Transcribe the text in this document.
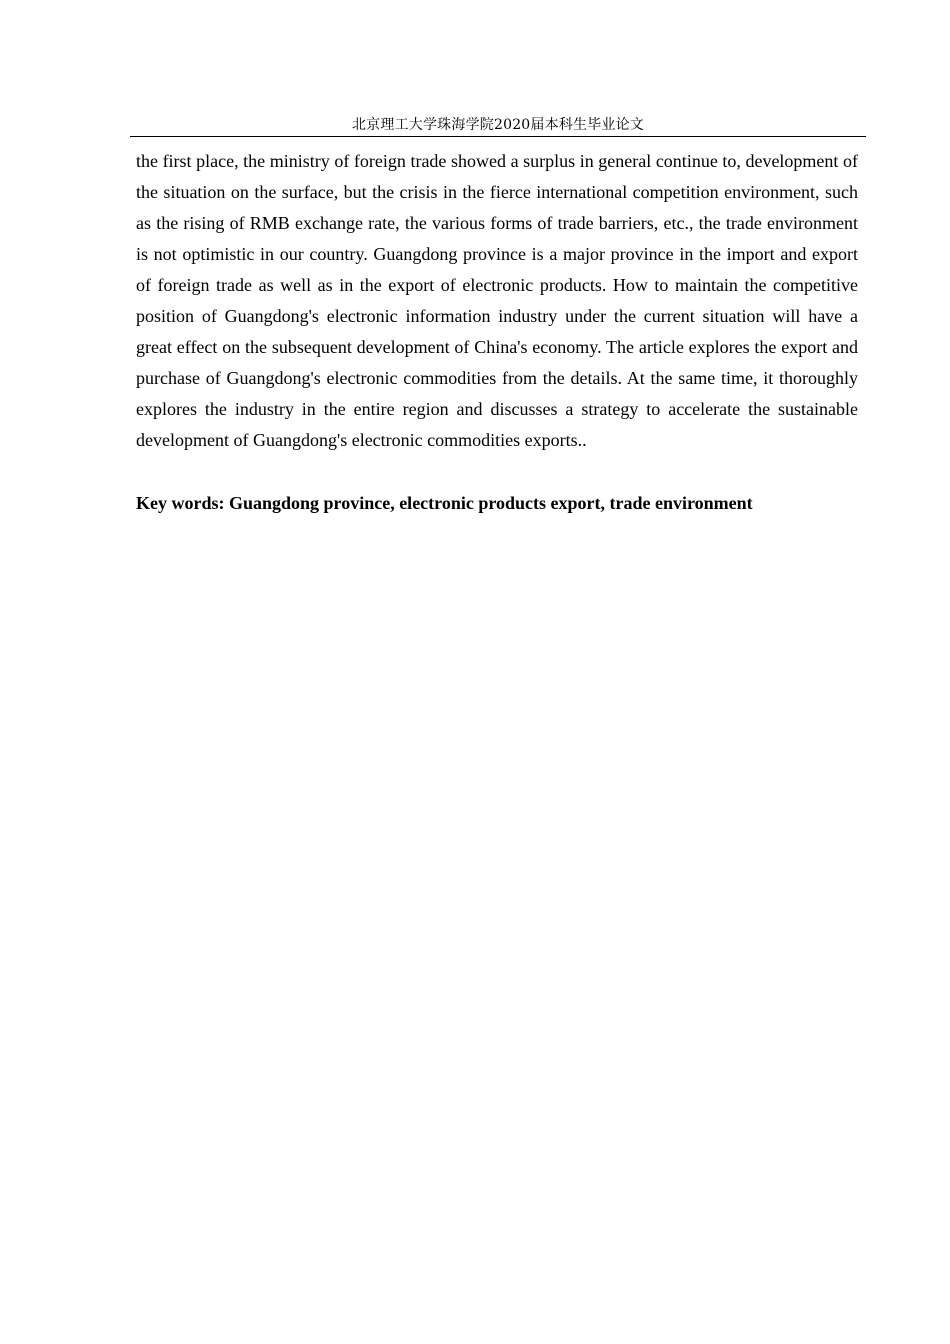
北京理工大学珠海学院2020届本科生毕业论文

the first place, the ministry of foreign trade showed a surplus in general continue to, development of the situation on the surface, but the crisis in the fierce international competition environment, such as the rising of RMB exchange rate, the various forms of trade barriers, etc., the trade environment is not optimistic in our country. Guangdong province is a major province in the import and export of foreign trade as well as in the export of electronic products. How to maintain the competitive position of Guangdong's electronic information industry under the current situation will have a great effect on the subsequent development of China's economy. The article explores the export and purchase of Guangdong's electronic commodities from the details. At the same time, it thoroughly explores the industry in the entire region and discusses a strategy to accelerate the sustainable development of Guangdong's electronic commodities exports..

Key words: Guangdong province, electronic products export, trade environment
